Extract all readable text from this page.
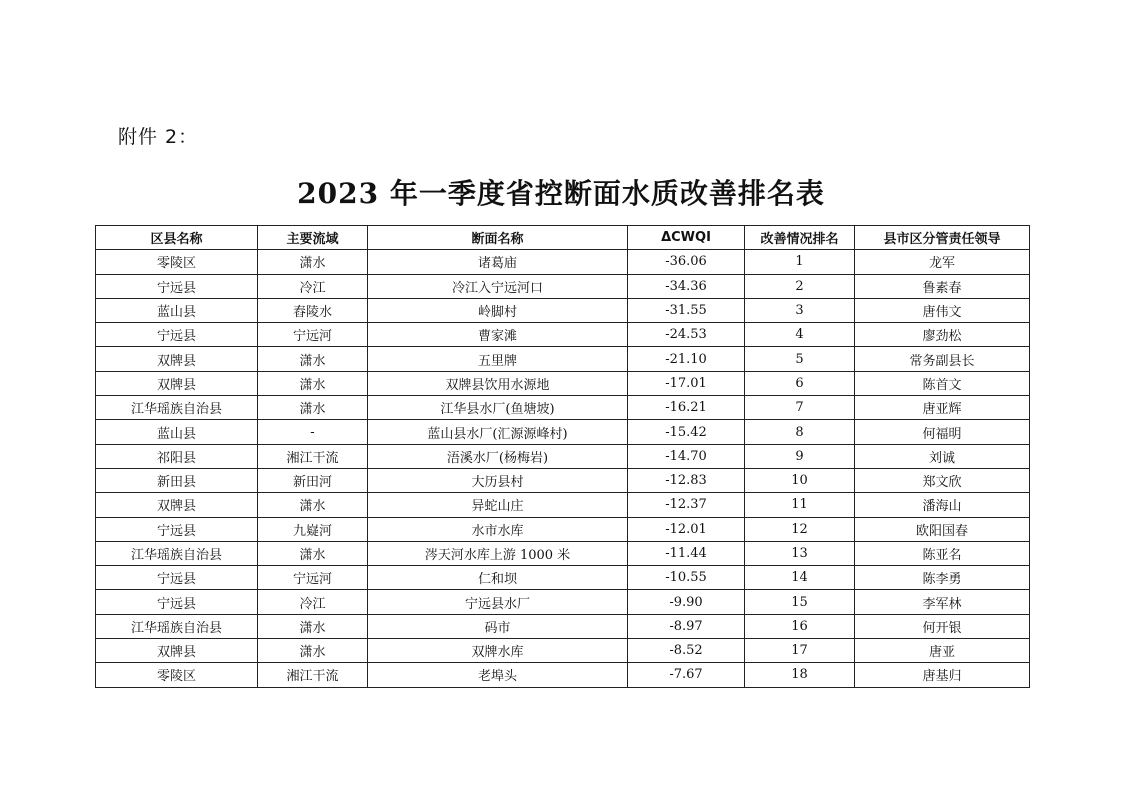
附件 2：
2023 年一季度省控断面水质改善排名表
区县名称	主要流域	断面名称	ΔCWQI	改善情况排名	县市区分管责任领导
零陵区	潇水	诸葛庙	-36.06	1	龙军
宁远县	冷江	冷江入宁远河口	-34.36	2	鲁素春
蓝山县	舂陵水	岭脚村	-31.55	3	唐伟文
宁远县	宁远河	曹家滩	-24.53	4	廖劲松
双牌县	潇水	五里牌	-21.10	5	常务副县长
双牌县	潇水	双牌县饮用水源地	-17.01	6	陈首文
江华瑶族自治县	潇水	江华县水厂(鱼塘坡)	-16.21	7	唐亚辉
蓝山县	-	蓝山县水厂(汇源源峰村)	-15.42	8	何福明
祁阳县	湘江干流	浯溪水厂(杨梅岩)	-14.70	9	刘诚
新田县	新田河	大历县村	-12.83	10	郑文欣
双牌县	潇水	异蛇山庄	-12.37	11	潘海山
宁远县	九嶷河	水市水库	-12.01	12	欧阳国春
江华瑶族自治县	潇水	涔天河水库上游 1000 米	-11.44	13	陈亚名
宁远县	宁远河	仁和坝	-10.55	14	陈李勇
宁远县	冷江	宁远县水厂	-9.90	15	李军林
江华瑶族自治县	潇水	码市	-8.97	16	何开银
双牌县	潇水	双牌水库	-8.52	17	唐亚
零陵区	湘江干流	老埠头	-7.67	18	唐基归
